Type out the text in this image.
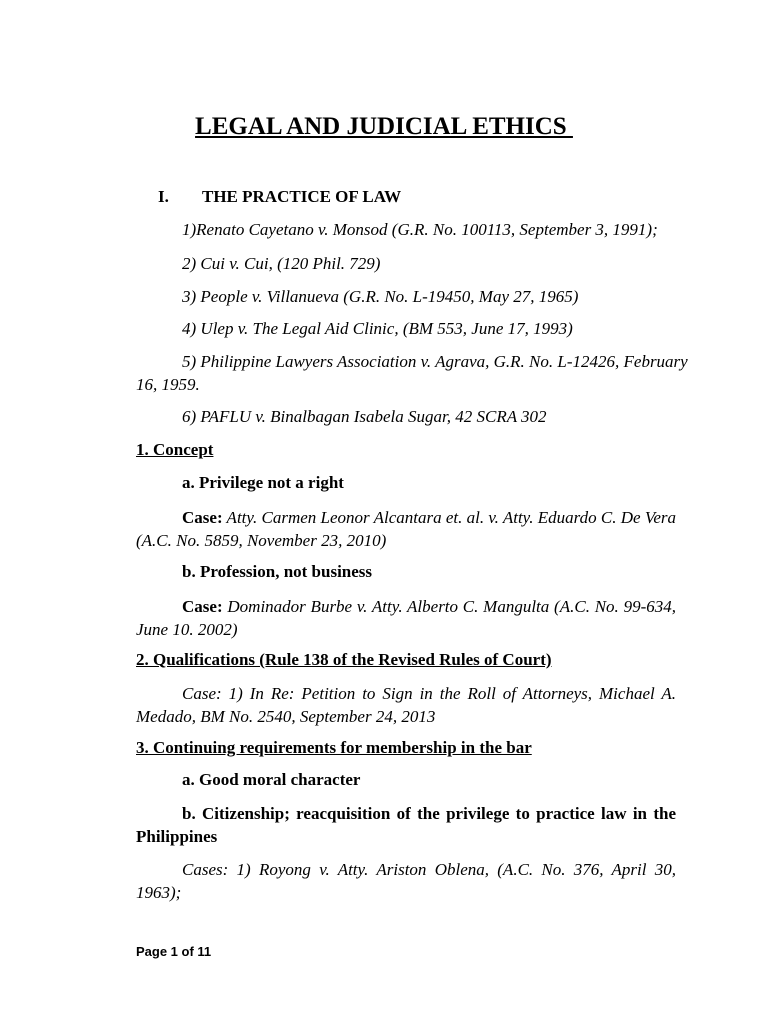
LEGAL AND JUDICIAL ETHICS
I. THE PRACTICE OF LAW
1)Renato Cayetano v. Monsod (G.R. No. 100113, September 3, 1991);
2) Cui v. Cui, (120 Phil. 729)
3) People v. Villanueva (G.R. No. L-19450, May 27, 1965)
4) Ulep v. The Legal Aid Clinic, (BM 553, June 17, 1993)
5) Philippine Lawyers Association v. Agrava, G.R. No. L-12426, February 16, 1959.
6) PAFLU v. Binalbagan Isabela Sugar, 42 SCRA 302
1. Concept
a. Privilege not a right
Case: Atty. Carmen Leonor Alcantara et. al. v. Atty. Eduardo C. De Vera (A.C. No. 5859, November 23, 2010)
b. Profession, not business
Case: Dominador Burbe v. Atty. Alberto C. Mangulta (A.C. No. 99-634, June 10. 2002)
2. Qualifications (Rule 138 of the Revised Rules of Court)
Case: 1) In Re: Petition to Sign in the Roll of Attorneys, Michael A. Medado, BM No. 2540, September 24, 2013
3. Continuing requirements for membership in the bar
a. Good moral character
b. Citizenship; reacquisition of the privilege to practice law in the Philippines
Cases: 1) Royong v. Atty. Ariston Oblena, (A.C. No. 376, April 30, 1963);
Page 1 of 11
